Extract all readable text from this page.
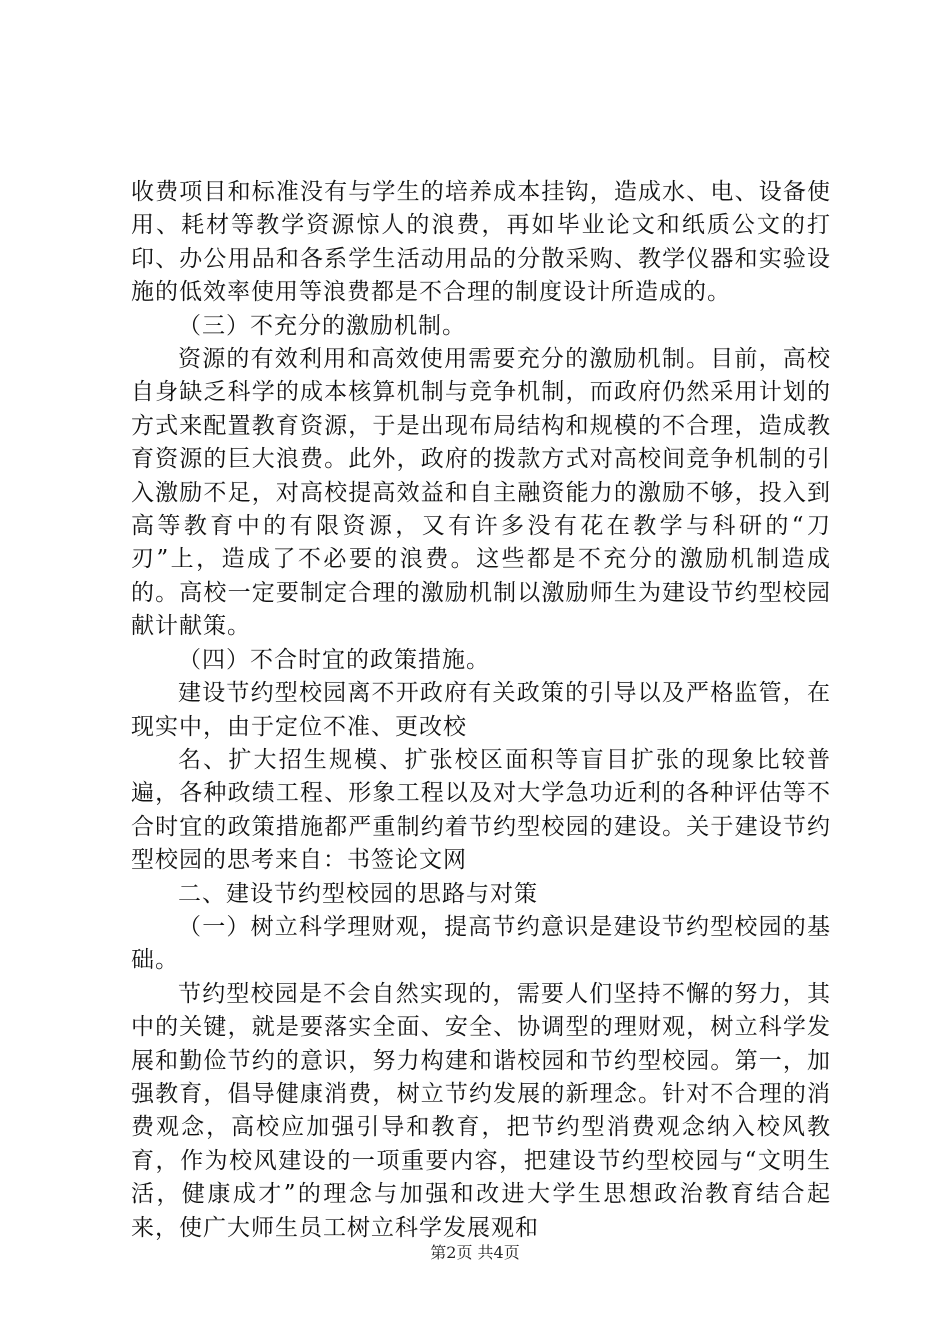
收费项目和标准没有与学生的培养成本挂钩，造成水、电、设备使用、耗材等教学资源惊人的浪费，再如毕业论文和纸质公文的打印、办公用品和各系学生活动用品的分散采购、教学仪器和实验设施的低效率使用等浪费都是不合理的制度设计所造成的。

（三）不充分的激励机制。

资源的有效利用和高效使用需要充分的激励机制。目前，高校自身缺乏科学的成本核算机制与竞争机制，而政府仍然采用计划的方式来配置教育资源，于是出现布局结构和规模的不合理，造成教育资源的巨大浪费。此外，政府的拨款方式对高校间竞争机制的引入激励不足，对高校提高效益和自主融资能力的激励不够，投入到高等教育中的有限资源，又有许多没有花在教学与科研的“刀刃”上，造成了不必要的浪费。这些都是不充分的激励机制造成的。高校一定要制定合理的激励机制以激励师生为建设节约型校园献计献策。

（四）不合时宜的政策措施。

建设节约型校园离不开政府有关政策的引导以及严格监管，在现实中，由于定位不准、更改校

名、扩大招生规模、扩张校区面积等盲目扩张的现象比较普遍，各种政绩工程、形象工程以及对大学急功近利的各种评估等不合时宜的政策措施都严重制约着节约型校园的建设。关于建设节约型校园的思考来自：书签论文网

二、建设节约型校园的思路与对策

（一）树立科学理财观，提高节约意识是建设节约型校园的基础。

节约型校园是不会自然实现的，需要人们坚持不懈的努力，其中的关键，就是要落实全面、安全、协调型的理财观，树立科学发展和勤俭节约的意识，努力构建和谐校园和节约型校园。第一，加强教育，倡导健康消费，树立节约发展的新理念。针对不合理的消费观念，高校应加强引导和教育，把节约型消费观念纳入校风教育，作为校风建设的一项重要内容，把建设节约型校园与“文明生活，健康成才”的理念与加强和改进大学生思想政治教育结合起来，使广大师生员工树立科学发展观和

第2页 共4页
